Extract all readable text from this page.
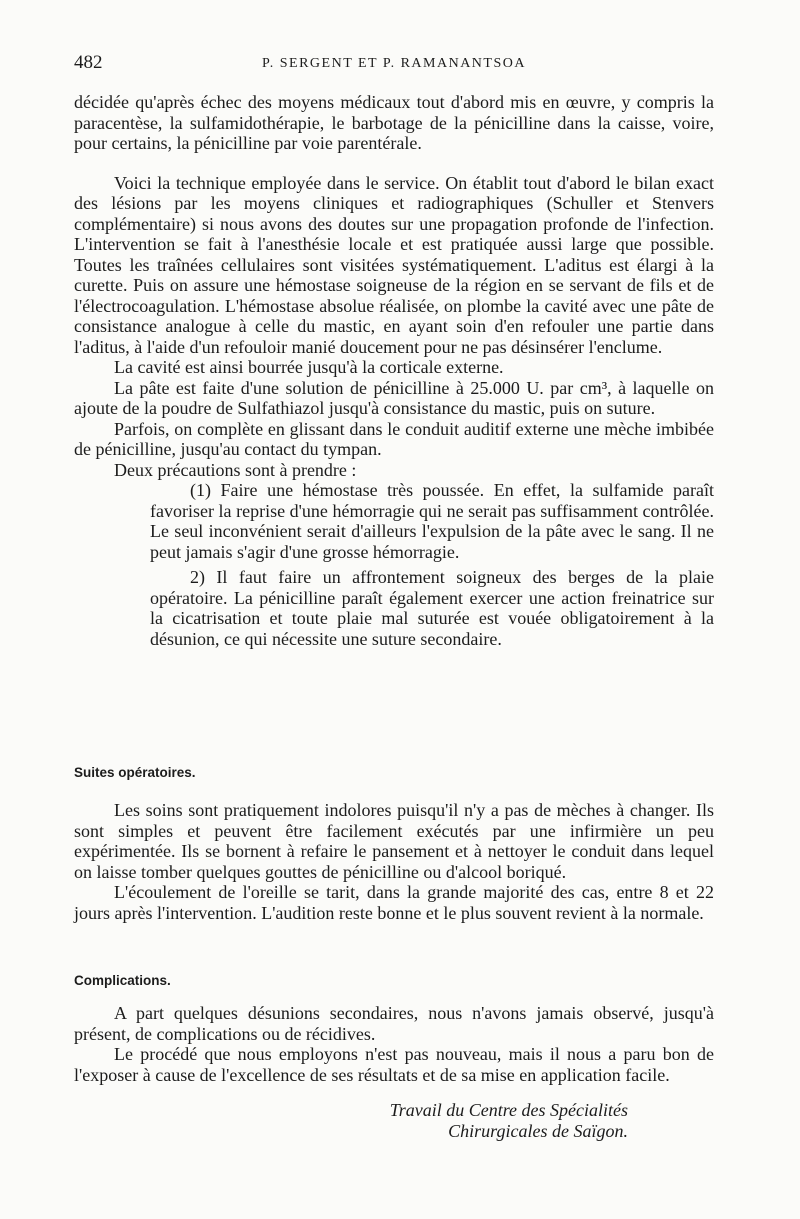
482	P. SERGENT ET P. RAMANANTSOA

décidée qu'après échec des moyens médicaux tout d'abord mis en œuvre, y compris la paracentèse, la sulfamidothérapie, le barbotage de la pénicilline dans la caisse, voire, pour certains, la pénicilline par voie parentérale.

Voici la technique employée dans le service. On établit tout d'abord le bilan exact des lésions par les moyens cliniques et radiographiques (Schuller et Stenvers complémentaire) si nous avons des doutes sur une propagation profonde de l'infection. L'intervention se fait à l'anesthésie locale et est pratiquée aussi large que possible. Toutes les traînées cellulaires sont visitées systématiquement. L'aditus est élargi à la curette. Puis on assure une hémostase soigneuse de la région en se servant de fils et de l'électrocoagulation. L'hémostase absolue réalisée, on plombe la cavité avec une pâte de consistance analogue à celle du mastic, en ayant soin d'en refouler une partie dans l'aditus, à l'aide d'un refouloir manié doucement pour ne pas désinsérer l'enclume.

La cavité est ainsi bourrée jusqu'à la corticale externe.

La pâte est faite d'une solution de pénicilline à 25.000 U. par cm³, à laquelle on ajoute de la poudre de Sulfathiazol jusqu'à consistance du mastic, puis on suture.

Parfois, on complète en glissant dans le conduit auditif externe une mèche imbibée de pénicilline, jusqu'au contact du tympan.

Deux précautions sont à prendre :

(1) Faire une hémostase très poussée. En effet, la sulfamide paraît favoriser la reprise d'une hémorragie qui ne serait pas suffisamment contrôlée. Le seul inconvénient serait d'ailleurs l'expulsion de la pâte avec le sang. Il ne peut jamais s'agir d'une grosse hémorragie.

2) Il faut faire un affrontement soigneux des berges de la plaie opératoire. La pénicilline paraît également exercer une action freinatrice sur la cicatrisation et toute plaie mal suturée est vouée obligatoirement à la désunion, ce qui nécessite une suture secondaire.

Suites opératoires.

Les soins sont pratiquement indolores puisqu'il n'y a pas de mèches à changer. Ils sont simples et peuvent être facilement exécutés par une infirmière un peu expérimentée. Ils se bornent à refaire le pansement et à nettoyer le conduit dans lequel on laisse tomber quelques gouttes de pénicilline ou d'alcool boriqué.

L'écoulement de l'oreille se tarit, dans la grande majorité des cas, entre 8 et 22 jours après l'intervention. L'audition reste bonne et le plus souvent revient à la normale.

Complications.

A part quelques désunions secondaires, nous n'avons jamais observé, jusqu'à présent, de complications ou de récidives.

Le procédé que nous employons n'est pas nouveau, mais il nous a paru bon de l'exposer à cause de l'excellence de ses résultats et de sa mise en application facile.

Travail du Centre des Spécialités
Chirurgicales de Saïgon.
